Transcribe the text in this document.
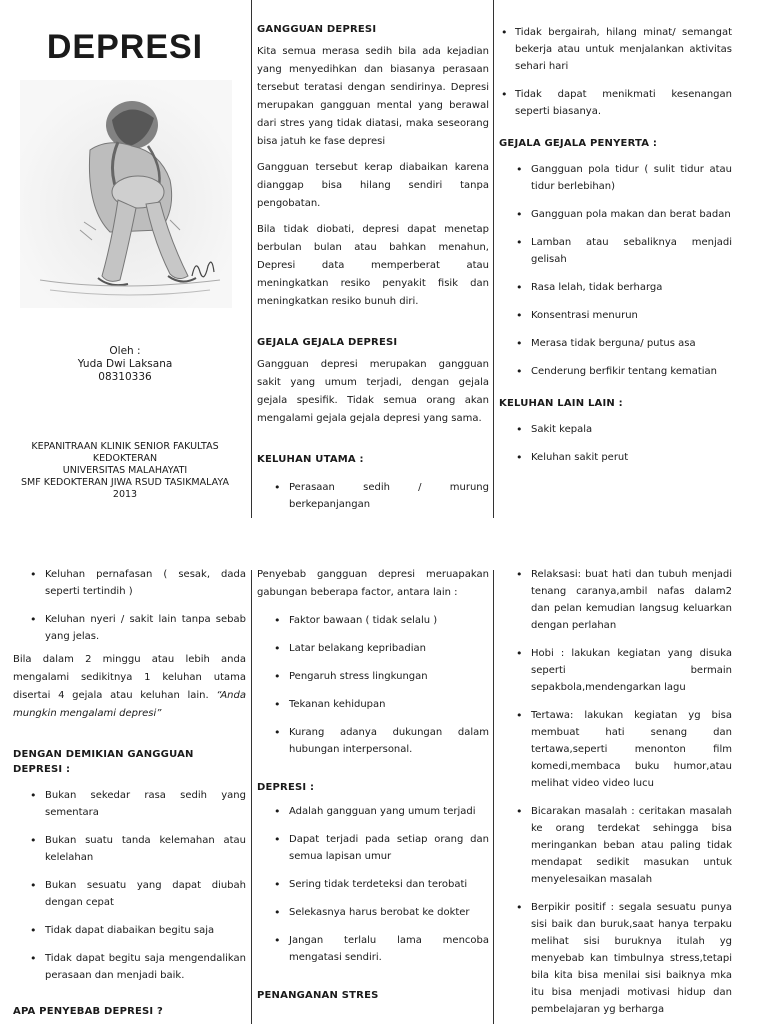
DEPRESI
Oleh :
Yuda Dwi Laksana
08310336
KEPANITRAAN KLINIK SENIOR FAKULTAS
KEDOKTERAN
UNIVERSITAS MALAHAYATI
SMF KEDOKTERAN JIWA RSUD TASIKMALAYA
2013
GANGGUAN DEPRESI

Kita semua merasa sedih bila ada kejadian yang menyedihkan dan biasanya perasaan tersebut teratasi dengan sendirinya. Depresi merupakan gangguan mental yang berawal dari stres yang tidak diatasi, maka seseorang bisa jatuh ke fase depresi

Gangguan tersebut kerap diabaikan karena dianggap bisa hilang sendiri tanpa pengobatan.

Bila tidak diobati, depresi dapat menetap berbulan bulan atau bahkan menahun, Depresi data memperberat atau meningkatkan resiko penyakit fisik dan meningkatkan resiko bunuh diri.

GEJALA GEJALA DEPRESI

Gangguan depresi merupakan gangguan sakit yang umum terjadi, dengan gejala gejala spesifik. Tidak semua orang akan mengalami gejala gejala depresi yang sama.

KELUHAN UTAMA :
• Perasaan sedih / murung berkepanjangan
• Tidak bergairah, hilang minat/ semangat bekerja atau untuk menjalankan aktivitas sehari hari
• Tidak dapat menikmati kesenangan seperti biasanya.
GEJALA GEJALA PENYERTA :
• Gangguan pola tidur ( sulit tidur atau tidur berlebihan)
• Gangguan pola makan dan berat badan
• Lamban atau sebaliknya menjadi gelisah
• Rasa lelah, tidak berharga
• Konsentrasi menurun
• Merasa tidak berguna/ putus asa
• Cenderung berfikir tentang kematian
KELUHAN LAIN LAIN :
• Sakit kepala
• Keluhan sakit perut
• Keluhan pernafasan ( sesak, dada seperti tertindih )
• Keluhan nyeri / sakit lain tanpa sebab yang jelas.

Bila dalam 2 minggu atau lebih anda mengalami sedikitnya 1 keluhan utama disertai 4 gejala atau keluhan lain. “Anda mungkin mengalami depresi”

DENGAN DEMIKIAN GANGGUAN DEPRESI :
• Bukan sekedar rasa sedih yang sementara
• Bukan suatu tanda kelemahan atau kelelahan
• Bukan sesuatu yang dapat diubah dengan cepat
• Tidak dapat diabaikan begitu saja
• Tidak dapat begitu saja mengendalikan perasaan dan menjadi baik.
APA PENYEBAB DEPRESI ?

Penyebab gangguan depresi meruapakan gabungan beberapa factor, antara lain :

• Faktor bawaan ( tidak selalu )
• Latar belakang kepribadian
• Pengaruh stress lingkungan
• Tekanan kehidupan
• Kurang adanya dukungan dalam hubungan interpersonal.
DEPRESI :
• Adalah gangguan yang umum terjadi
• Dapat terjadi pada setiap orang dan semua lapisan umur
• Sering tidak terdeteksi dan terobati
• Selekasnya harus berobat ke dokter
• Jangan terlalu lama mencoba mengatasi sendiri.
PENANGANAN STRES
• Relaksasi: buat hati dan tubuh menjadi tenang caranya,ambil nafas dalam2 dan pelan kemudian langsug keluarkan dengan perlahan
• Hobi : lakukan kegiatan yang disuka seperti bermain sepakbola,mendengarkan lagu
• Tertawa: lakukan kegiatan yg bisa membuat hati senang dan tertawa,seperti menonton film komedi,membaca buku humor,atau melihat video video lucu
• Bicarakan masalah : ceritakan masalah ke orang terdekat sehingga bisa meringankan beban atau paling tidak mendapat sedikit masukan untuk menyelesaikan masalah
• Berpikir positif : segala sesuatu punya sisi baik dan buruk,saat hanya terpaku melihat sisi buruknya itulah yg menyebab kan timbulnya stress,tetapi bila kita bisa menilai sisi baiknya mka itu bisa menjadi motivasi hidup dan pembelajaran yg berharga
